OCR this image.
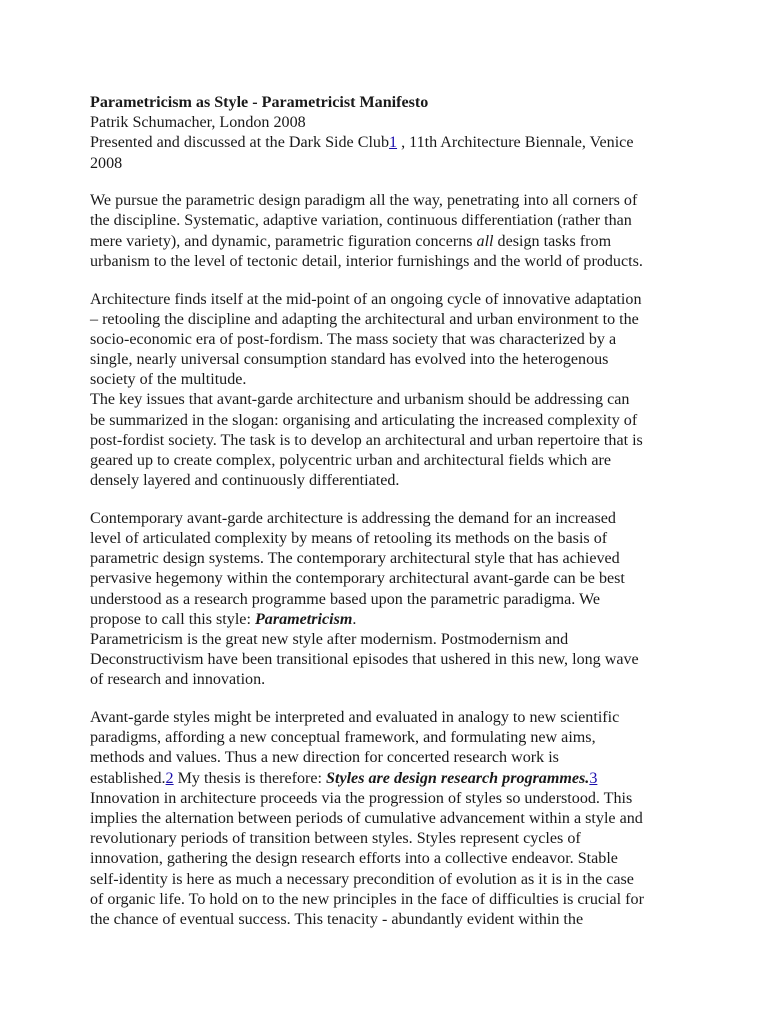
Parametricism as Style - Parametricist Manifesto
Patrik Schumacher, London 2008
Presented and discussed at the Dark Side Club1 , 11th Architecture Biennale, Venice
2008
We pursue the parametric design paradigm all the way, penetrating into all corners of
the discipline. Systematic, adaptive variation, continuous differentiation (rather than
mere variety), and dynamic, parametric figuration concerns all design tasks from
urbanism to the level of tectonic detail, interior furnishings and the world of products.
Architecture finds itself at the mid-point of an ongoing cycle of innovative adaptation
– retooling the discipline and adapting the architectural and urban environment to the
socio-economic era of post-fordism. The mass society that was characterized by a
single, nearly universal consumption standard has evolved into the heterogenous
society of the multitude.
The key issues that avant-garde architecture and urbanism should be addressing can
be summarized in the slogan: organising and articulating the increased complexity of
post-fordist society. The task is to develop an architectural and urban repertoire that is
geared up to create complex, polycentric urban and architectural fields which are
densely layered and continuously differentiated.
Contemporary avant-garde architecture is addressing the demand for an increased
level of articulated complexity by means of retooling its methods on the basis of
parametric design systems. The contemporary architectural style that has achieved
pervasive hegemony within the contemporary architectural avant-garde can be best
understood as a research programme based upon the parametric paradigma. We
propose to call this style: Parametricism.
Parametricism is the great new style after modernism. Postmodernism and
Deconstructivism have been transitional episodes that ushered in this new, long wave
of research and innovation.
Avant-garde styles might be interpreted and evaluated in analogy to new scientific
paradigms, affording a new conceptual framework, and formulating new aims,
methods and values. Thus a new direction for concerted research work is
established.2 My thesis is therefore: Styles are design research programmes.3
Innovation in architecture proceeds via the progression of styles so understood. This
implies the alternation between periods of cumulative advancement within a style and
revolutionary periods of transition between styles. Styles represent cycles of
innovation, gathering the design research efforts into a collective endeavor. Stable
self-identity is here as much a necessary precondition of evolution as it is in the case
of organic life. To hold on to the new principles in the face of difficulties is crucial for
the chance of eventual success. This tenacity - abundantly evident within the
